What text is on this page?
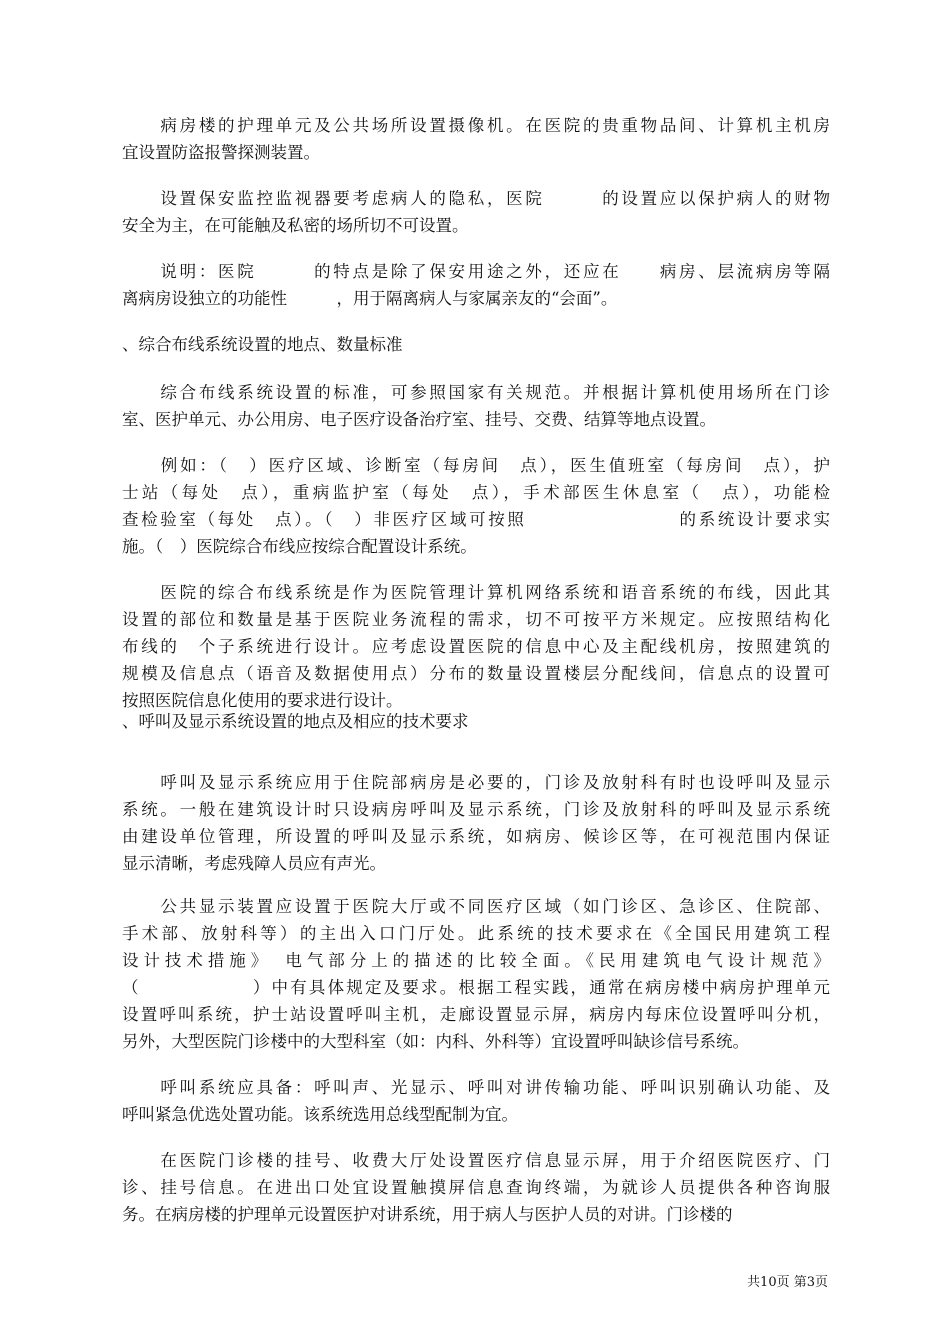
　　病房楼的护理单元及公共场所设置摄像机。在医院的贵重物品间、计算机主机房
宜设置防盗报警探测装置。
　　设置保安监控监视器要考虑病人的隐私，医院　　　的设置应以保护病人的财物
安全为主，在可能触及私密的场所切不可设置。
　　说明：医院　　　的特点是除了保安用途之外，还应在　　病房、层流病房等隔
离病房设独立的功能性　　　，用于隔离病人与家属亲友的“会面”。
、综合布线系统设置的地点、数量标准
　　综合布线系统设置的标准，可参照国家有关规范。并根据计算机使用场所在门诊
室、医护单元、办公用房、电子医疗设备治疗室、挂号、交费、结算等地点设置。
　　例如：（　）医疗区域、诊断室（每房间　点），医生值班室（每房间　点），护
士站（每处　点），重病监护室（每处　点），手术部医生休息室（　点），功能检
查检验室（每处　点）。（　）非医疗区域可按照　　　　　　　　的系统设计要求实
施。（　）医院综合布线应按综合配置设计系统。
　　医院的综合布线系统是作为医院管理计算机网络系统和语音系统的布线，因此其
设置的部位和数量是基于医院业务流程的需求，切不可按平方米规定。应按照结构化
布线的　个子系统进行设计。应考虑设置医院的信息中心及主配线机房，按照建筑的
规模及信息点（语音及数据使用点）分布的数量设置楼层分配线间，信息点的设置可
按照医院信息化使用的要求进行设计。
、呼叫及显示系统设置的地点及相应的技术要求
　　呼叫及显示系统应用于住院部病房是必要的，门诊及放射科有时也设呼叫及显示
系统。一般在建筑设计时只设病房呼叫及显示系统，门诊及放射科的呼叫及显示系统
由建设单位管理，所设置的呼叫及显示系统，如病房、候诊区等，在可视范围内保证
显示清晰，考虑残障人员应有声光。
　　公共显示装置应设置于医院大厅或不同医疗区域（如门诊区、急诊区、住院部、
手术部、放射科等）的主出入口门厅处。此系统的技术要求在《全国民用建筑工程
设计技术措施》　电气部分上的描述的比较全面。《民用建筑电气设计规范》
（　　　　　　）中有具体规定及要求。根据工程实践，通常在病房楼中病房护理单元
设置呼叫系统，护士站设置呼叫主机，走廊设置显示屏，病房内每床位设置呼叫分机，
另外，大型医院门诊楼中的大型科室（如：内科、外科等）宜设置呼叫缺诊信号系统。
　　呼叫系统应具备：呼叫声、光显示、呼叫对讲传输功能、呼叫识别确认功能、及
呼叫紧急优选处置功能。该系统选用总线型配制为宜。
　　在医院门诊楼的挂号、收费大厅处设置医疗信息显示屏，用于介绍医院医疗、门
诊、挂号信息。在进出口处宜设置触摸屏信息查询终端，为就诊人员提供各种咨询服
务。在病房楼的护理单元设置医护对讲系统，用于病人与医护人员的对讲。门诊楼的
共10页 第3页
